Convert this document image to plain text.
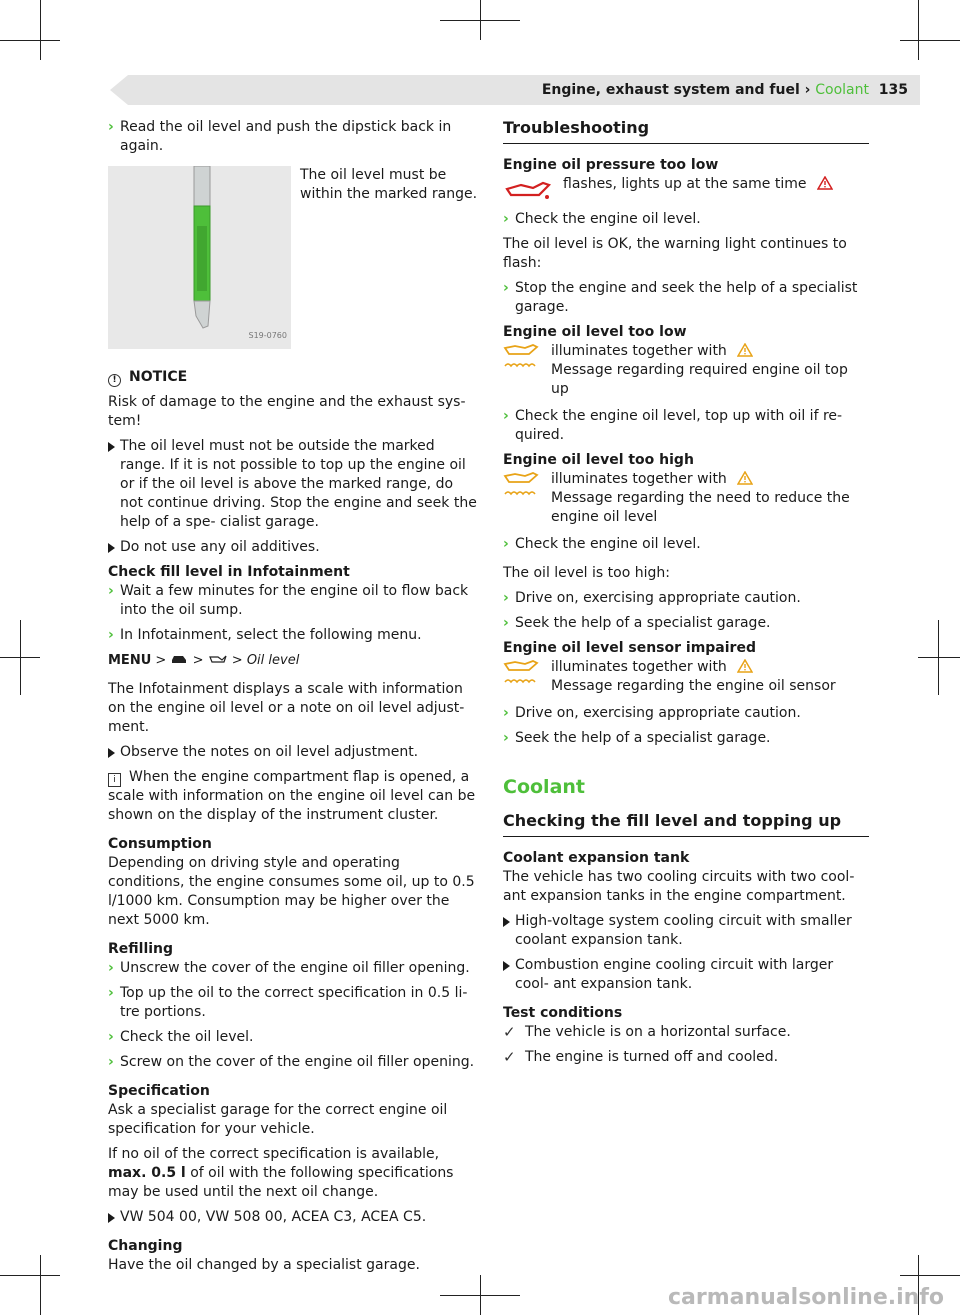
Engine, exhaust system and fuel › Coolant 135
› Read the oil level and push the dipstick back in again.
S19-0760
The oil level must be within the marked range.

! NOTICE

Risk of damage to the engine and the exhaust sys- tem!

The oil level must not be outside the marked range. If it is not possible to top up the engine oil or if the oil level is above the marked range, do not continue driving. Stop the engine and seek the help of a spe- cialist garage.
Do not use any oil additives.

Check fill level in Infotainment

› Wait a few minutes for the engine oil to flow back into the oil sump.
› In Infotainment, select the following menu.
MENU > > > Oil level

The Infotainment displays a scale with information on the engine oil level or a note on oil level adjust- ment.

Observe the notes on oil level adjustment.

i When the engine compartment flap is opened, a scale with information on the engine oil level can be shown on the display of the instrument cluster.

Consumption

Depending on driving style and operating conditions, the engine consumes some oil, up to 0.5 l/1000 km. Consumption may be higher over the next 5000 km.

Refilling

› Unscrew the cover of the engine oil filler opening.
› Top up the oil to the correct specification in 0.5 li- tre portions.
› Check the oil level.
› Screw on the cover of the engine oil filler opening.

Specification

Ask a specialist garage for the correct engine oil specification for your vehicle.

If no oil of the correct specification is available, max. 0.5 l of oil with the following specifications may be used until the next oil change.

VW 504 00, VW 508 00, ACEA C3, ACEA C5.

Changing

Have the oil changed by a specialist garage.

Troubleshooting

Engine oil pressure too low

flashes, lights up at the same time
› Check the engine oil level.

The oil level is OK, the warning light continues to flash:

› Stop the engine and seek the help of a specialist garage.

Engine oil level too low

illuminates together with
Message regarding required engine oil top up
› Check the engine oil level, top up with oil if re- quired.

Engine oil level too high

illuminates together with
Message regarding the need to reduce the engine oil level
› Check the engine oil level.

The oil level is too high:

› Drive on, exercising appropriate caution.
› Seek the help of a specialist garage.

Engine oil level sensor impaired

illuminates together with
Message regarding the engine oil sensor
› Drive on, exercising appropriate caution.
› Seek the help of a specialist garage.
Coolant
Checking the fill level and topping up

Coolant expansion tank

The vehicle has two cooling circuits with two cool- ant expansion tanks in the engine compartment.

High-voltage system cooling circuit with smaller coolant expansion tank.
Combustion engine cooling circuit with larger cool- ant expansion tank.

Test conditions

✓ The vehicle is on a horizontal surface.
✓ The engine is turned off and cooled.
carmanualsonline.info
